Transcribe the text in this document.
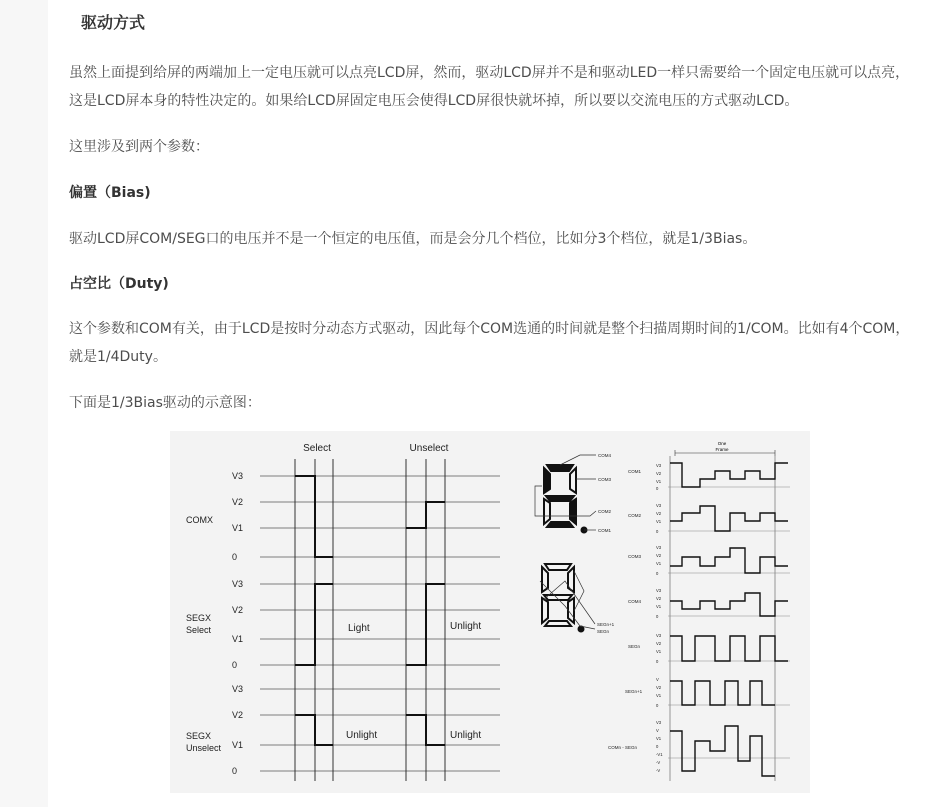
驱动方式

虽然上面提到给屏的两端加上一定电压就可以点亮LCD屏，然而，驱动LCD屏并不是和驱动LED一样只需要给一个固定电压就可以点亮，这是LCD屏本身的特性决定的。如果给LCD屏固定电压会使得LCD屏很快就坏掉，所以要以交流电压的方式驱动LCD。

这里涉及到两个参数：

偏置（Bias)

驱动LCD屏COM/SEG口的电压并不是一个恒定的电压值，而是会分几个档位，比如分3个档位，就是1/3Bias。

占空比（Duty)

这个参数和COM有关，由于LCD是按时分动态方式驱动，因此每个COM选通的时间就是整个扫描周期时间的1/COM。比如有4个COM，就是1/4Duty。

下面是1/3Bias驱动的示意图：

Select	Unselect
COMX
SEGX
Select
SEGX
Unselect
V3
V2
V1
0
V3
V2
V1
0
V3
V2
V1
0
Light	Unlight
Unlight	Unlight
COM4
COM3
COM2
COM1
SEGn+1
SEGn
One
Frame
COM1
COM2
COM3
COM4
SEGn
SEGn+1
COMn - SEGn
V3
V2
V1
0
V3
V2
V1
0
V3
V2
V1
0
V3
V2
V1
0
V3
V2
V1
0
V
V2
V1
0
V3
V
V1
0
-V1
-V
-V
